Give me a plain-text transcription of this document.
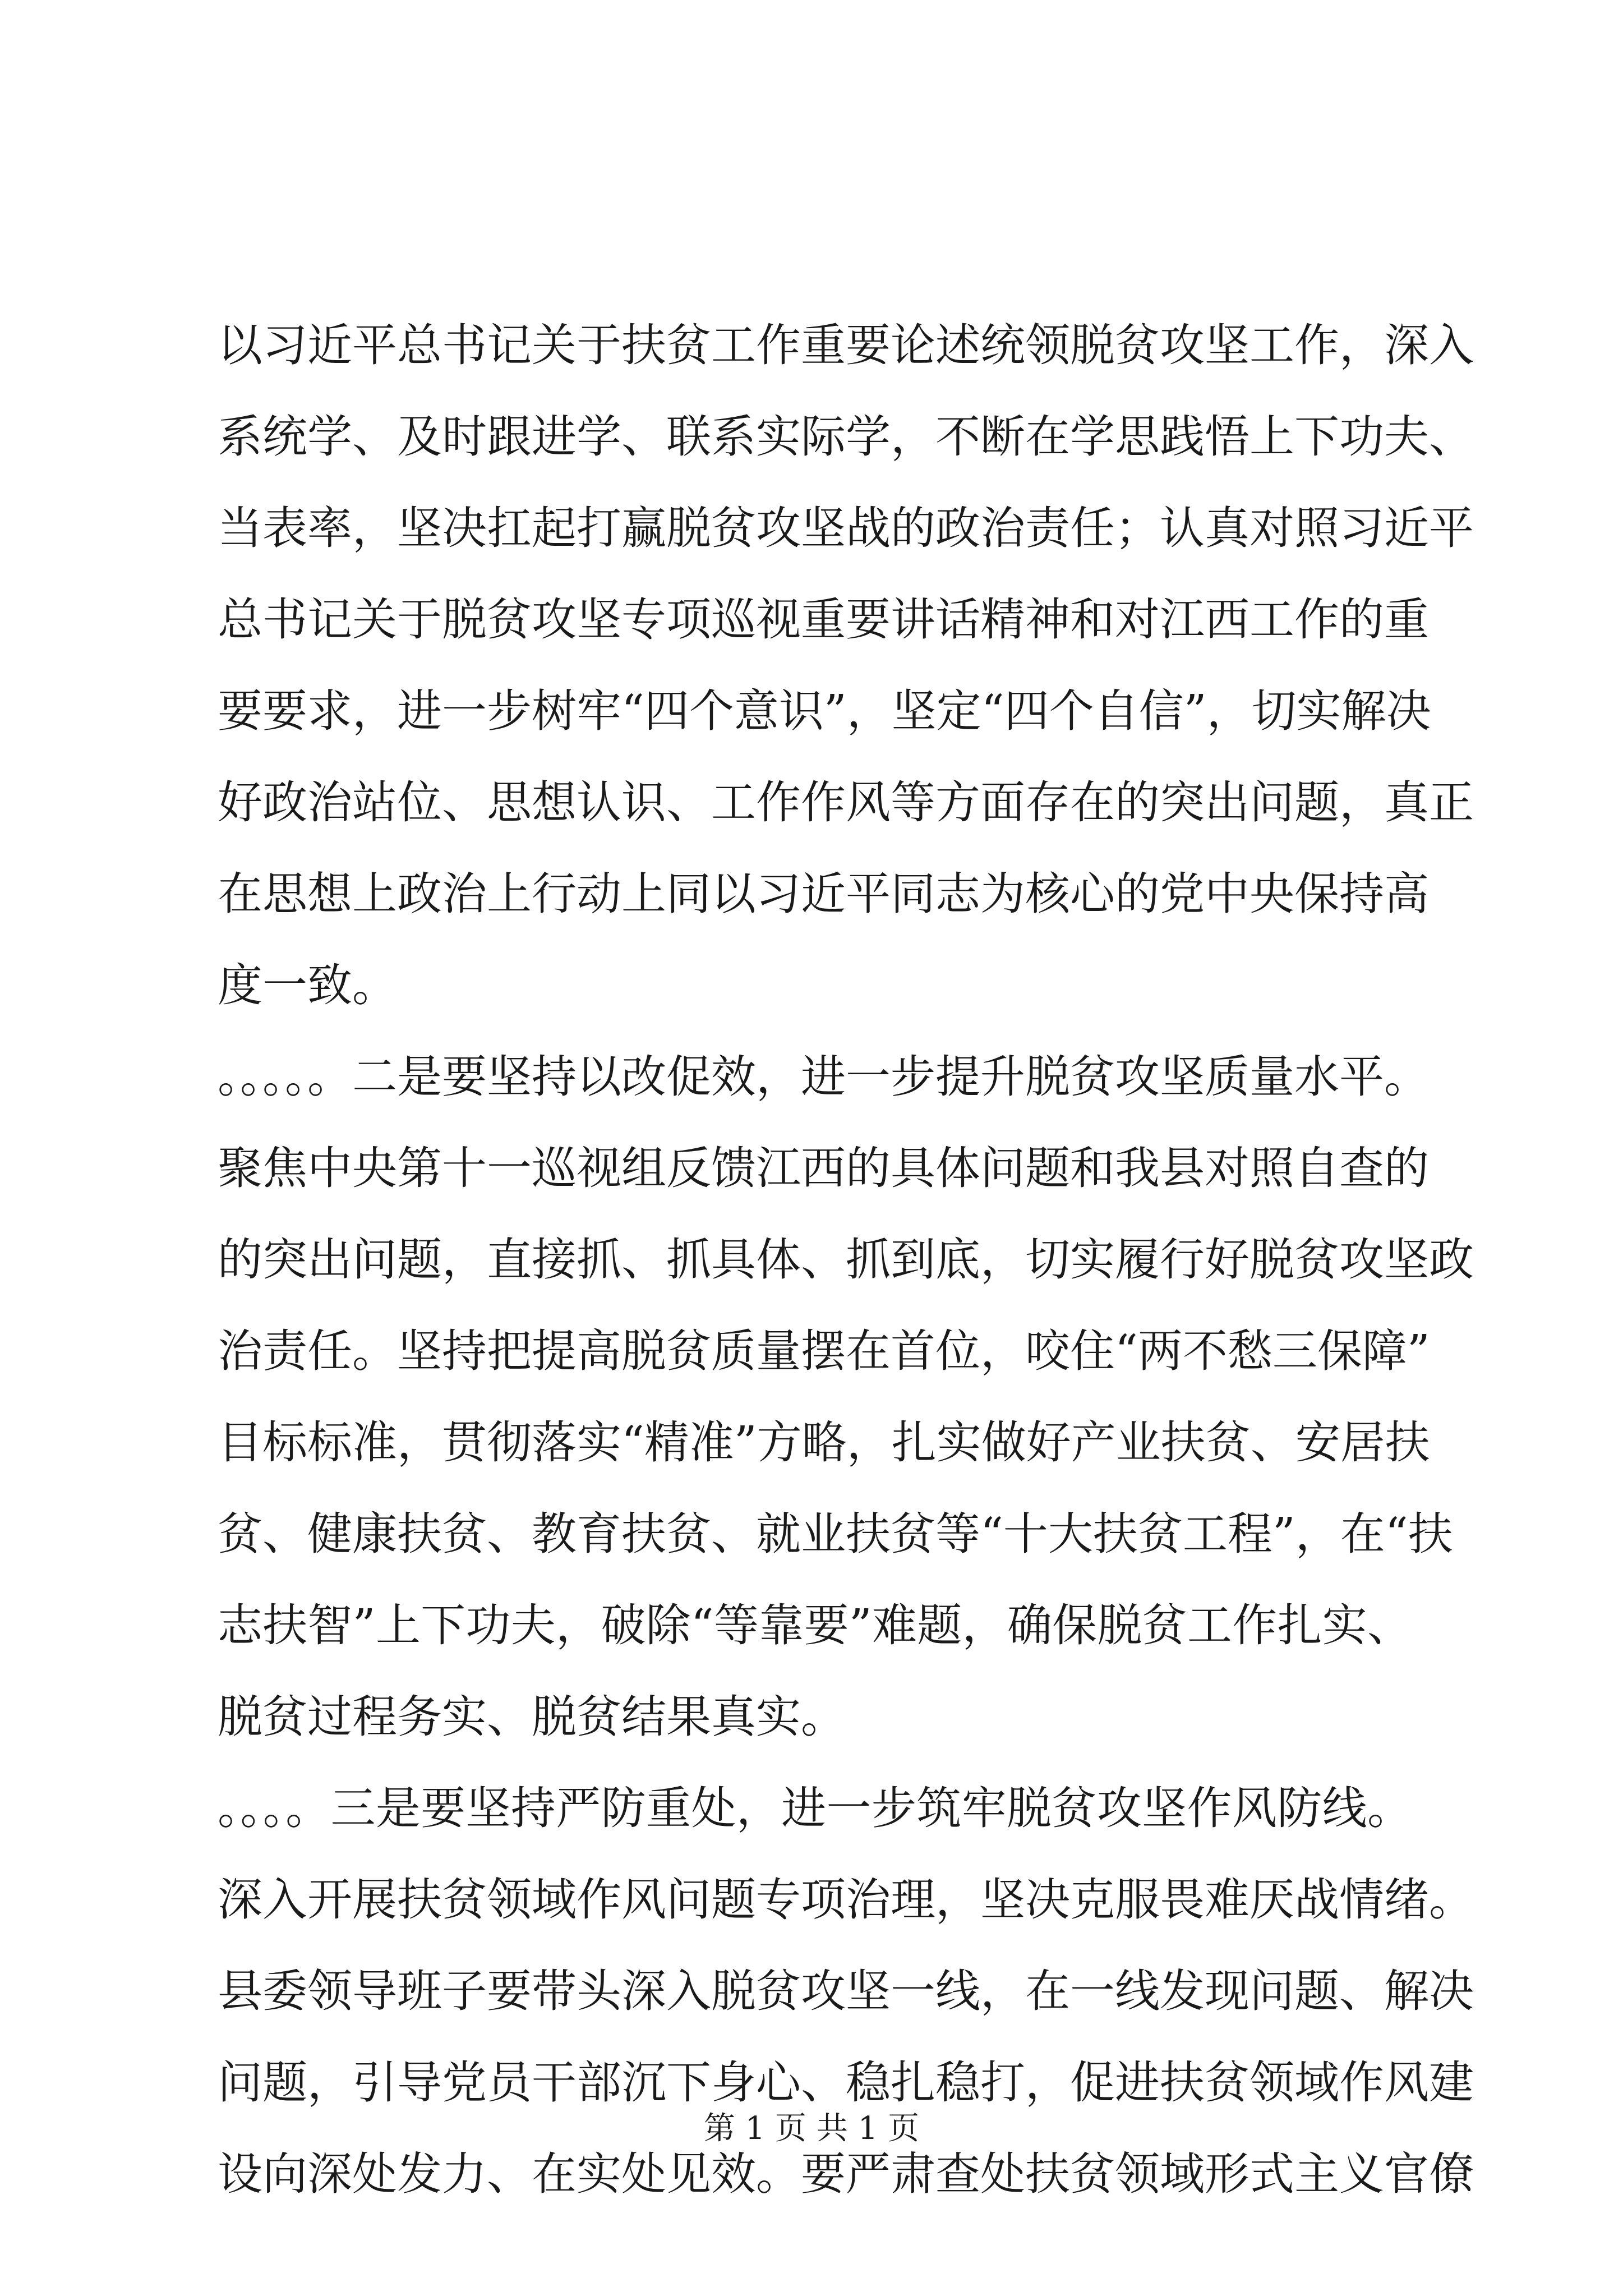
以习近平总书记关于扶贫工作重要论述统领脱贫攻坚工作，深入
系统学、及时跟进学、联系实际学，不断在学思践悟上下功夫、
当表率，坚决扛起打赢脱贫攻坚战的政治责任；认真对照习近平
总书记关于脱贫攻坚专项巡视重要讲话精神和对江西工作的重
要要求，进一步树牢“四个意识”，坚定“四个自信”，切实解决
好政治站位、思想认识、工作作风等方面存在的突出问题，真正
在思想上政治上行动上同以习近平同志为核心的党中央保持高
度一致。
。。。。。二是要坚持以改促效，进一步提升脱贫攻坚质量水平。
聚焦中央第十一巡视组反馈江西的具体问题和我县对照自查的
的突出问题，直接抓、抓具体、抓到底，切实履行好脱贫攻坚政
治责任。坚持把提高脱贫质量摆在首位，咬住“两不愁三保障”
目标标准，贯彻落实“精准”方略，扎实做好产业扶贫、安居扶
贫、健康扶贫、教育扶贫、就业扶贫等“十大扶贫工程”，在“扶
志扶智”上下功夫，破除“等靠要”难题，确保脱贫工作扎实、
脱贫过程务实、脱贫结果真实。
。。。。三是要坚持严防重处，进一步筑牢脱贫攻坚作风防线。
深入开展扶贫领域作风问题专项治理，坚决克服畏难厌战情绪。
县委领导班子要带头深入脱贫攻坚一线，在一线发现问题、解决
问题，引导党员干部沉下身心、稳扎稳打，促进扶贫领域作风建
设向深处发力、在实处见效。要严肃查处扶贫领域形式主义官僚
第 1 页 共 1 页
